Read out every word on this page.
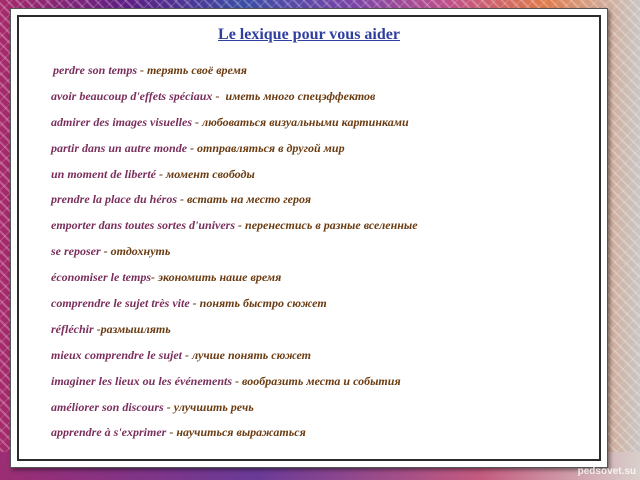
Le lexique pour vous aider
perdre son temps - терять своё время
avoir beaucoup d'effets spéciaux -  иметь много спецэффектов
admirer des images visuelles - любоваться визуальными картинками
partir dans un autre monde - отправляться в другой мир
un moment de liberté - момент свободы
prendre la place du héros - встать на место героя
emporter dans toutes sortes d'univers - перенестись в разные вселенные
se reposer - отдохнуть
économiser le temps- экономить наше время
comprendre le sujet très vite - понять быстро сюжет
réfléchir -размышлять
mieux comprendre le sujet - лучше понять сюжет
imaginer les lieux ou les événements - вообразить места и события
améliorer son discours - улучшить речь
apprendre à s'exprimer - научиться выражаться
pedsovet.su
